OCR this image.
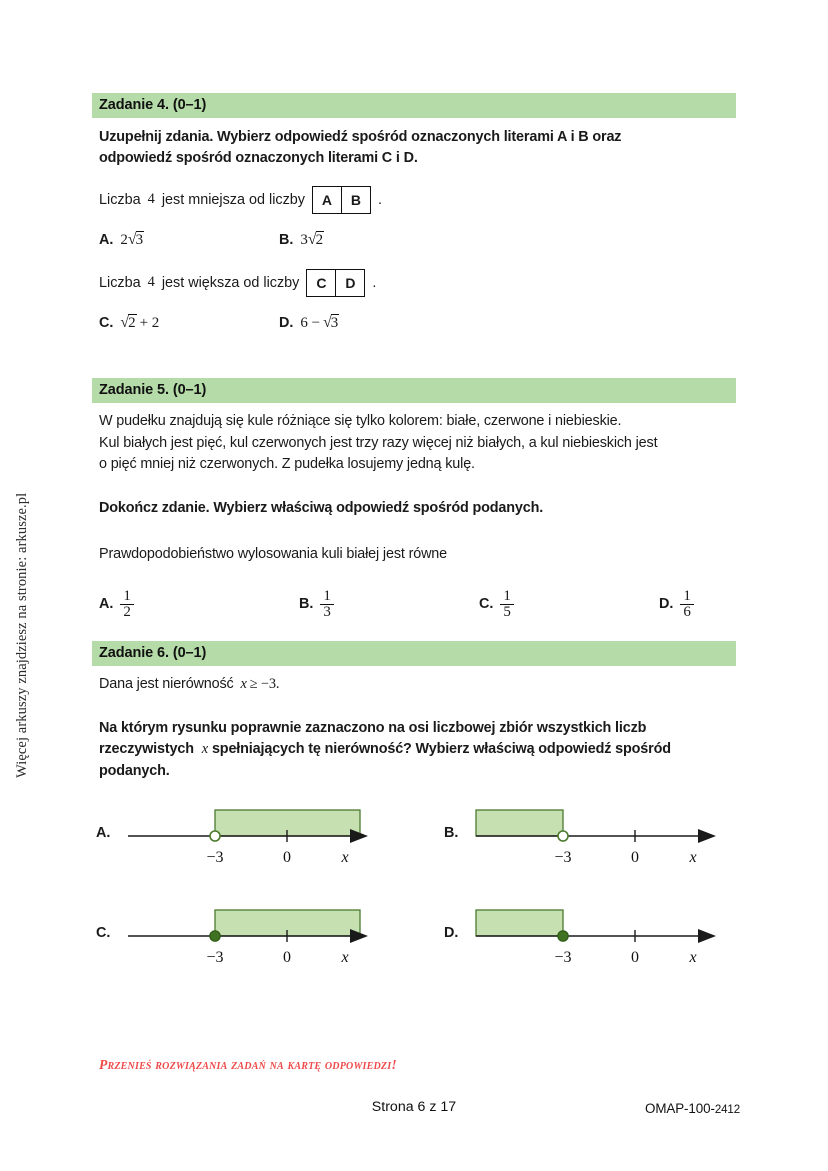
Więcej arkuszy znajdziesz na stronie: arkusze.pl
Zadanie 4. (0–1)
Uzupełnij zdania. Wybierz odpowiedź spośród oznaczonych literami A i B oraz
odpowiedź spośród oznaczonych literami C i D.
Liczba 4 jest mniejsza od liczby	A	B	.
A. 2√3	B. 3√2
Liczba 4 jest większa od liczby	C	D	.
C. √2 + 2	D. 6 − √3
Zadanie 5. (0–1)
W pudełku znajdują się kule różniące się tylko kolorem: białe, czerwone i niebieskie.
Kul białych jest pięć, kul czerwonych jest trzy razy więcej niż białych, a kul niebieskich jest
o pięć mniej niż czerwonych. Z pudełka losujemy jedną kulę.
Dokończ zdanie. Wybierz właściwą odpowiedź spośród podanych.
Prawdopodobieństwo wylosowania kuli białej jest równe
A. $\frac{1}{2}$	B. $\frac{1}{3}$	C. $\frac{1}{5}$	D. $\frac{1}{6}$
Zadanie 6. (0–1)
Dana jest nierówność x ≥ −3.
Na którym rysunku poprawnie zaznaczono na osi liczbowej zbiór wszystkich liczb
rzeczywistych x spełniających tę nierówność? Wybierz właściwą odpowiedź spośród
podanych.
A.
−3	0	x
B.
−3	0	x
C.
−3	0	x
D.
−3	0	x
Przenieś rozwiązania zadań na kartę odpowiedzi!
Strona 6 z 17	OMAP-100-2412
